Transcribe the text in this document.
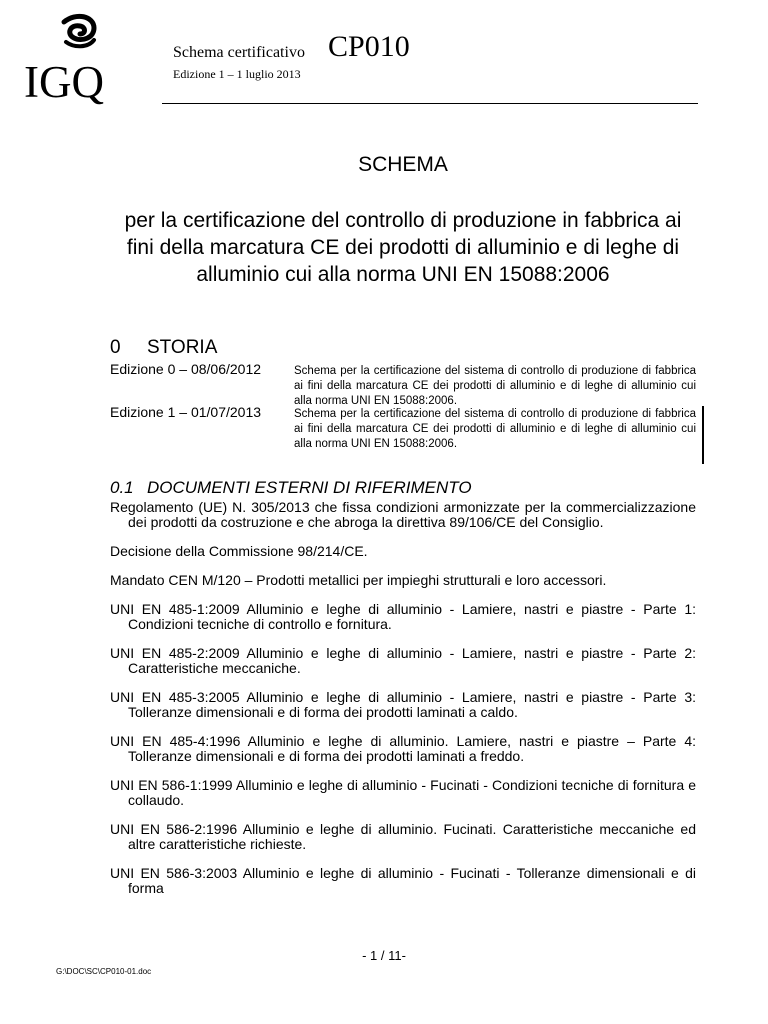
IGQ
Schema certificativo CP010
Edizione 1 – 1 luglio 2013
SCHEMA
per la certificazione del controllo di produzione in fabbrica ai fini della marcatura CE dei prodotti di alluminio e di leghe di alluminio cui alla norma UNI EN 15088:2006
0 STORIA
Edizione 0 – 08/06/2012	Schema per la certificazione del sistema di controllo di produzione di fabbrica ai fini della marcatura CE dei prodotti di alluminio e di leghe di alluminio cui alla norma UNI EN 15088:2006.
Edizione 1 – 01/07/2013	Schema per la certificazione del sistema di controllo di produzione di fabbrica ai fini della marcatura CE dei prodotti di alluminio e di leghe di alluminio cui alla norma UNI EN 15088:2006.
0.1 DOCUMENTI ESTERNI DI RIFERIMENTO

Regolamento (UE) N. 305/2013 che fissa condizioni armonizzate per la commercializzazione dei prodotti da costruzione e che abroga la direttiva 89/106/CE del Consiglio.

Decisione della Commissione 98/214/CE.

Mandato CEN M/120 – Prodotti metallici per impieghi strutturali e loro accessori.

UNI EN 485-1:2009 Alluminio e leghe di alluminio - Lamiere, nastri e piastre - Parte 1: Condizioni tecniche di controllo e fornitura.

UNI EN 485-2:2009 Alluminio e leghe di alluminio - Lamiere, nastri e piastre - Parte 2: Caratteristiche meccaniche.

UNI EN 485-3:2005 Alluminio e leghe di alluminio - Lamiere, nastri e piastre - Parte 3: Tolleranze dimensionali e di forma dei prodotti laminati a caldo.

UNI EN 485-4:1996 Alluminio e leghe di alluminio. Lamiere, nastri e piastre – Parte 4: Tolleranze dimensionali e di forma dei prodotti laminati a freddo.

UNI EN 586-1:1999 Alluminio e leghe di alluminio - Fucinati - Condizioni tecniche di fornitura e collaudo.

UNI EN 586-2:1996 Alluminio e leghe di alluminio. Fucinati. Caratteristiche meccaniche ed altre caratteristiche richieste.

UNI EN 586-3:2003 Alluminio e leghe di alluminio - Fucinati - Tolleranze dimensionali e di forma

- 1 / 11-
G:\DOC\SC\CP010-01.doc
